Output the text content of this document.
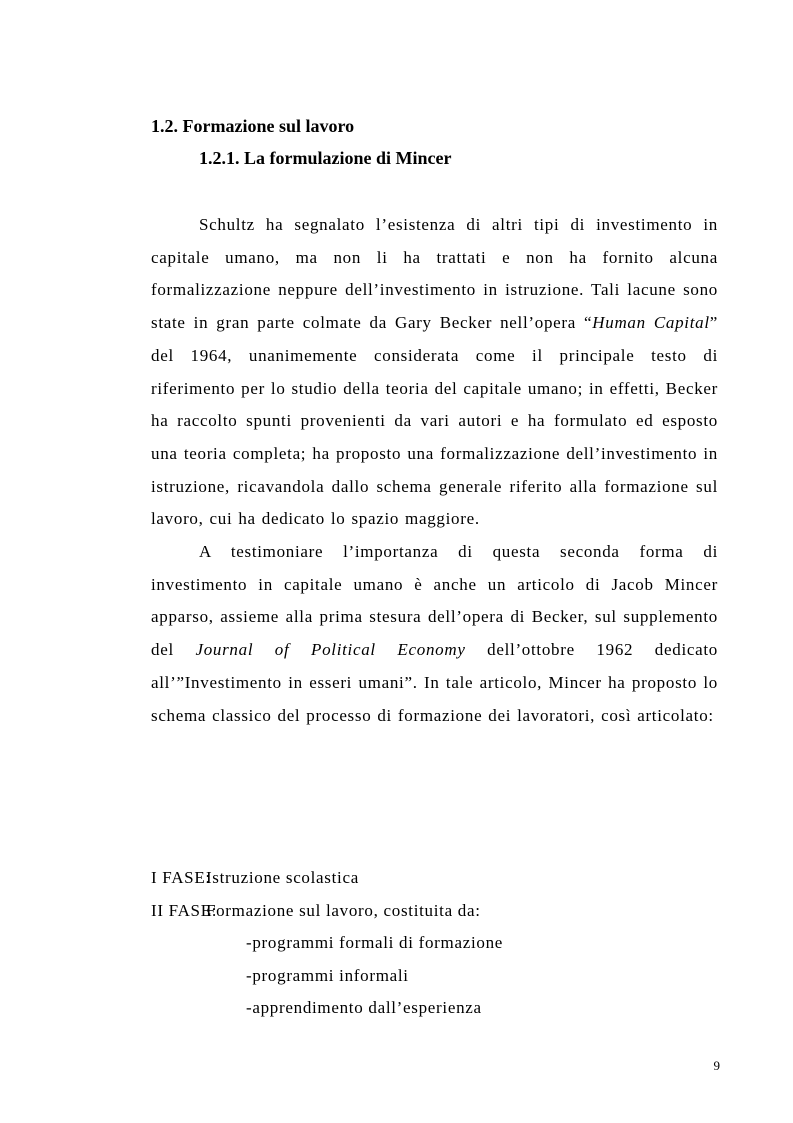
1.2. Formazione sul lavoro
1.2.1. La formulazione di Mincer

Schultz ha segnalato l’esistenza di altri tipi di investimento in capitale umano, ma non li ha trattati e non ha fornito alcuna formalizzazione neppure dell’investimento in istruzione. Tali lacune sono state in gran parte colmate da Gary Becker nell’opera “Human Capital” del 1964, unanimemente considerata come il principale testo di riferimento per lo studio della teoria del capitale umano; in effetti, Becker ha raccolto spunti provenienti da vari autori e ha formulato ed esposto una teoria completa; ha proposto una formalizzazione dell’investimento in istruzione, ricavandola dallo schema generale riferito alla formazione sul lavoro, cui ha dedicato lo spazio maggiore.

A testimoniare l’importanza di questa seconda forma di investimento in capitale umano è anche un articolo di Jacob Mincer apparso, assieme alla prima stesura dell’opera di Becker, sul supplemento del Journal of Political Economy dell’ottobre 1962 dedicato all’”Investimento in esseri umani”. In tale articolo, Mincer ha proposto lo schema classico del processo di formazione dei lavoratori, così articolato:

I FASE: Istruzione scolastica
II FASE: Formazione sul lavoro, costituita da:
-programmi formali di formazione
-programmi informali
-apprendimento dall’esperienza
9
